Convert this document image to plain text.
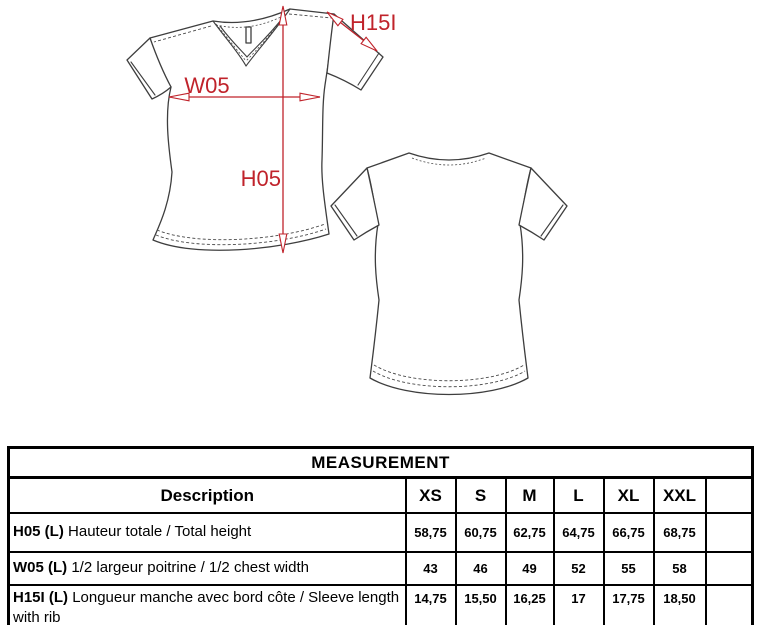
H05
W05
H15I
MEASUREMENT							
Description	XS	S	M	L	XL	XXL	
H05 (L) Hauteur totale / Total height	58,75	60,75	62,75	64,75	66,75	68,75	
W05 (L) 1/2 largeur poitrine / 1/2 chest width	43	46	49	52	55	58	
H15I (L) Longueur manche avec bord côte / Sleeve length with rib	14,75	15,50	16,25	17	17,75	18,50	
